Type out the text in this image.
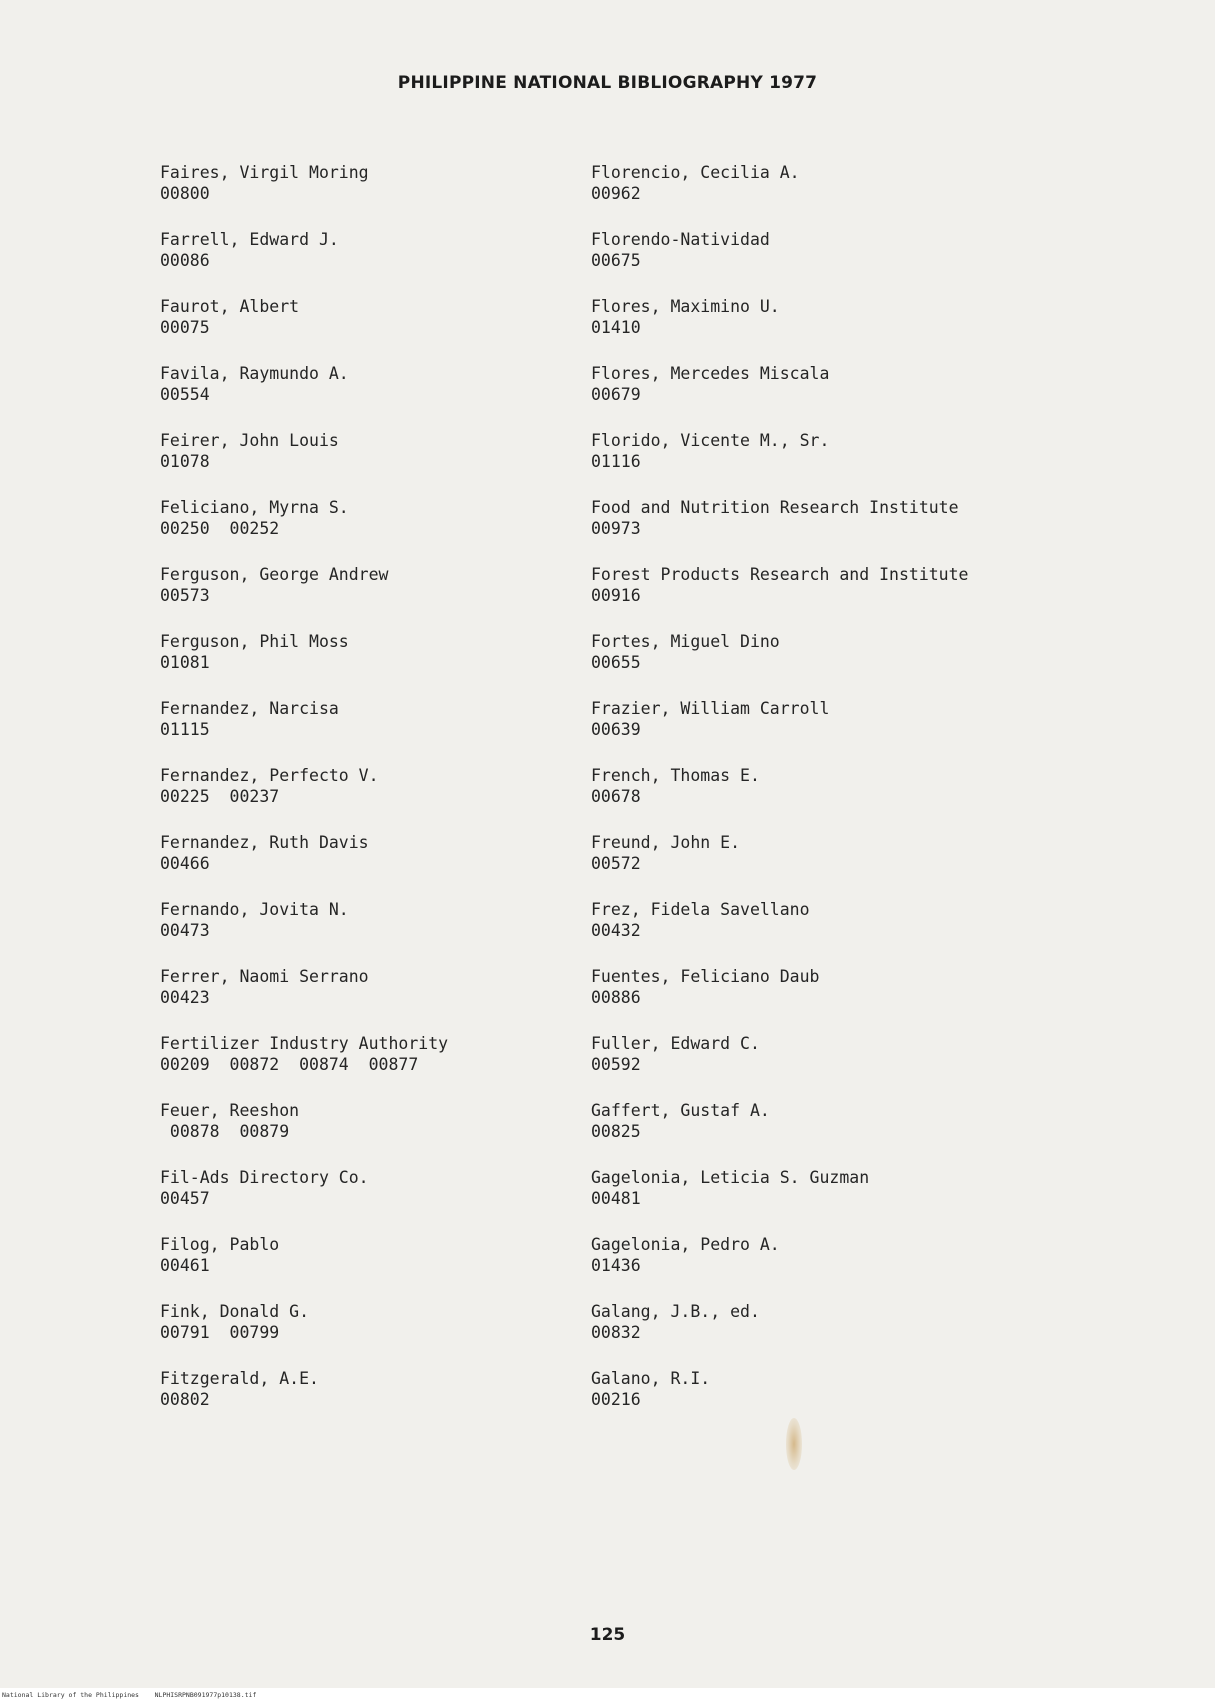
PHILIPPINE NATIONAL BIBLIOGRAPHY 1977
Faires, Virgil Moring
00800
Farrell, Edward J.
00086
Faurot, Albert
00075
Favila, Raymundo A.
00554
Feirer, John Louis
01078
Feliciano, Myrna S.
00250  00252
Ferguson, George Andrew
00573
Ferguson, Phil Moss
01081
Fernandez, Narcisa
01115
Fernandez, Perfecto V.
00225  00237
Fernandez, Ruth Davis
00466
Fernando, Jovita N.
00473
Ferrer, Naomi Serrano
00423
Fertilizer Industry Authority
00209  00872  00874  00877
Feuer, Reeshon
00878  00879
Fil-Ads Directory Co.
00457
Filog, Pablo
00461
Fink, Donald G.
00791  00799
Fitzgerald, A.E.
00802
Florencio, Cecilia A.
00962
Florendo-Natividad
00675
Flores, Maximino U.
01410
Flores, Mercedes Miscala
00679
Florido, Vicente M., Sr.
01116
Food and Nutrition Research Institute
00973
Forest Products Research and Institute
00916
Fortes, Miguel Dino
00655
Frazier, William Carroll
00639
French, Thomas E.
00678
Freund, John E.
00572
Frez, Fidela Savellano
00432
Fuentes, Feliciano Daub
00886
Fuller, Edward C.
00592
Gaffert, Gustaf A.
00825
Gagelonia, Leticia S. Guzman
00481
Gagelonia, Pedro A.
01436
Galang, J.B., ed.
00832
Galano, R.I.
00216
125
National Library of the Philippines    NLPHISRPNB091977p10138.tif
